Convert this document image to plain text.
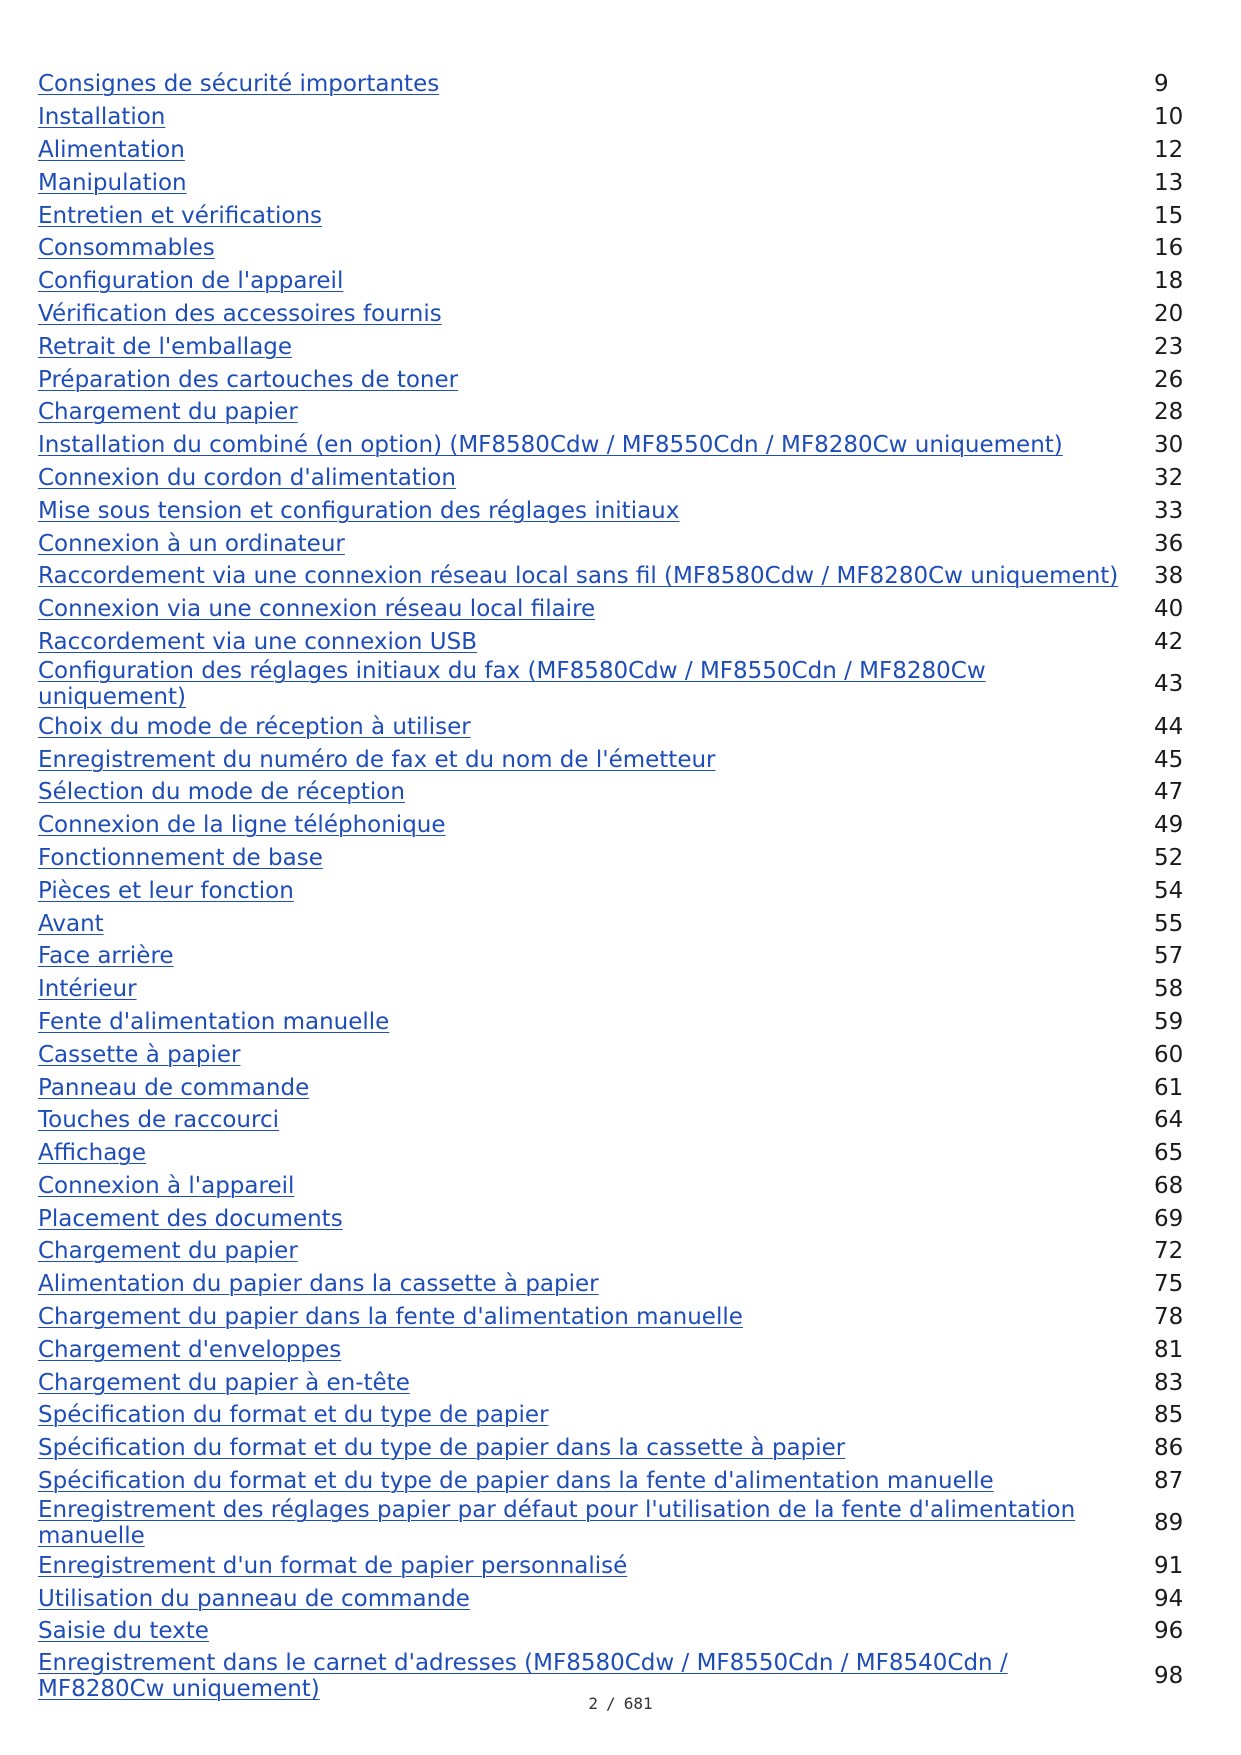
Consignes de sécurité importantes	9
Installation	10
Alimentation	12
Manipulation	13
Entretien et vérifications	15
Consommables	16
Configuration de l'appareil	18
Vérification des accessoires fournis	20
Retrait de l'emballage	23
Préparation des cartouches de toner	26
Chargement du papier	28
Installation du combiné (en option) (MF8580Cdw / MF8550Cdn / MF8280Cw uniquement)	30
Connexion du cordon d'alimentation	32
Mise sous tension et configuration des réglages initiaux	33
Connexion à un ordinateur	36
Raccordement via une connexion réseau local sans fil (MF8580Cdw / MF8280Cw uniquement)	38
Connexion via une connexion réseau local filaire	40
Raccordement via une connexion USB	42
Configuration des réglages initiaux du fax (MF8580Cdw / MF8550Cdn / MF8280Cw uniquement)	43
Choix du mode de réception à utiliser	44
Enregistrement du numéro de fax et du nom de l'émetteur	45
Sélection du mode de réception	47
Connexion de la ligne téléphonique	49
Fonctionnement de base	52
Pièces et leur fonction	54
Avant	55
Face arrière	57
Intérieur	58
Fente d'alimentation manuelle	59
Cassette à papier	60
Panneau de commande	61
Touches de raccourci	64
Affichage	65
Connexion à l'appareil	68
Placement des documents	69
Chargement du papier	72
Alimentation du papier dans la cassette à papier	75
Chargement du papier dans la fente d'alimentation manuelle	78
Chargement d'enveloppes	81
Chargement du papier à en-tête	83
Spécification du format et du type de papier	85
Spécification du format et du type de papier dans la cassette à papier	86
Spécification du format et du type de papier dans la fente d'alimentation manuelle	87
Enregistrement des réglages papier par défaut pour l'utilisation de la fente d'alimentation manuelle	89
Enregistrement d'un format de papier personnalisé	91
Utilisation du panneau de commande	94
Saisie du texte	96
Enregistrement dans le carnet d'adresses (MF8580Cdw / MF8550Cdn / MF8540Cdn / MF8280Cw uniquement)	98
2 / 681
